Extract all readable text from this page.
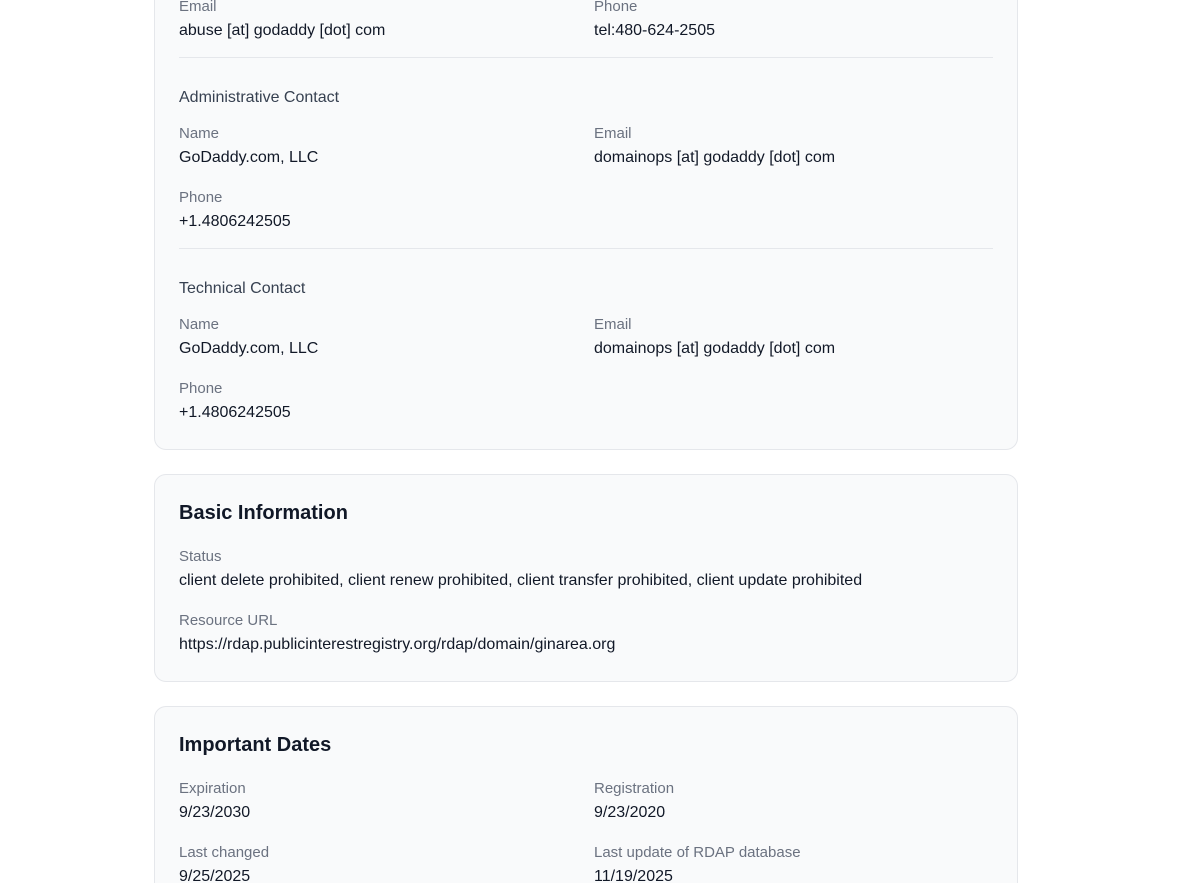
Email

abuse [at] godaddy [dot] com

Phone

tel:480-624-2505

Administrative Contact

Name

GoDaddy.com, LLC

Email

domainops [at] godaddy [dot] com

Phone

+1.4806242505

Technical Contact

Name

GoDaddy.com, LLC

Email

domainops [at] godaddy [dot] com

Phone

+1.4806242505

Basic Information

Status

client delete prohibited, client renew prohibited, client transfer prohibited, client update prohibited

Resource URL

https://rdap.publicinterestregistry.org/rdap/domain/ginarea.org

Important Dates

Expiration

9/23/2030

Registration

9/23/2020

Last changed

9/25/2025

Last update of RDAP database

11/19/2025
